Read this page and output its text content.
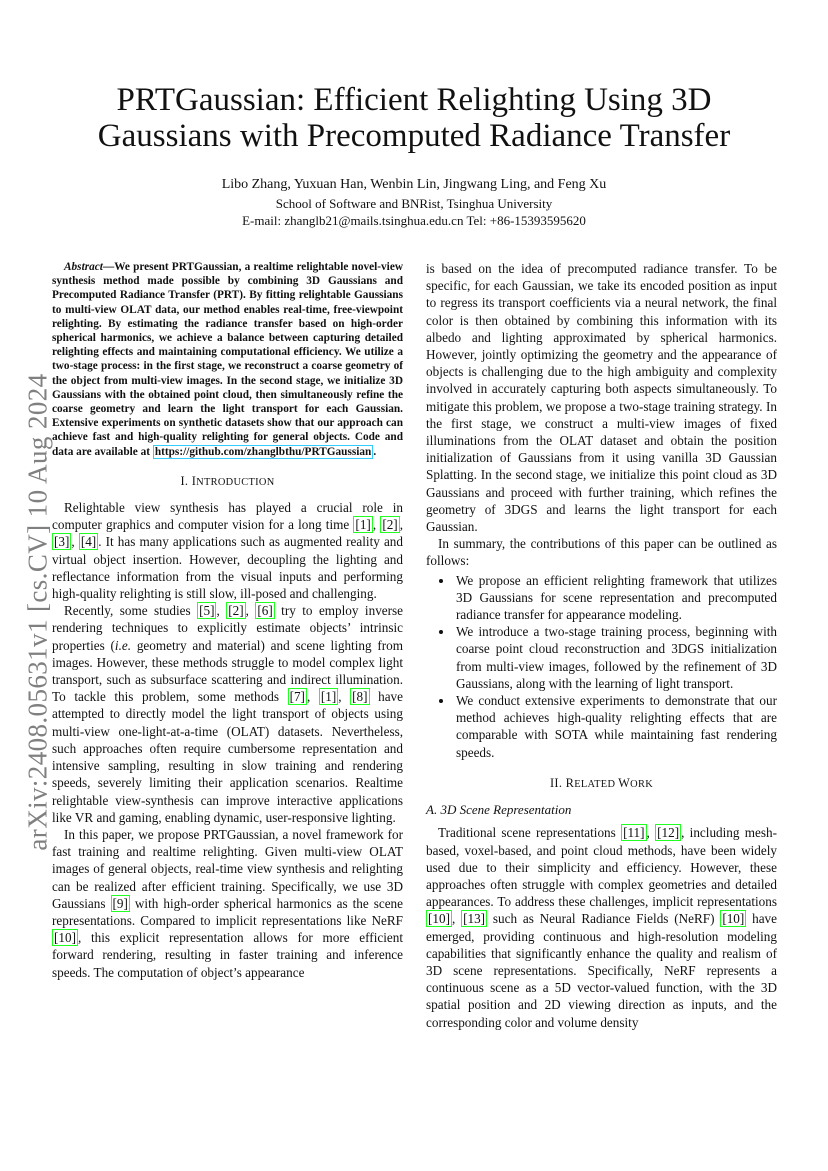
PRTGaussian: Efficient Relighting Using 3D
Gaussians with Precomputed Radiance Transfer
Libo Zhang, Yuxuan Han, Wenbin Lin, Jingwang Ling, and Feng Xu
School of Software and BNRist, Tsinghua University
E-mail: zhanglb21@mails.tsinghua.edu.cn Tel: +86-15393595620
arXiv:2408.05631v1 [cs.CV] 10 Aug 2024

Abstract—We present PRTGaussian, a realtime relightable novel-view synthesis method made possible by combining 3D Gaussians and Precomputed Radiance Transfer (PRT). By fitting relightable Gaussians to multi-view OLAT data, our method enables real-time, free-viewpoint relighting. By estimating the radiance transfer based on high-order spherical harmonics, we achieve a balance between capturing detailed relighting effects and maintaining computational efficiency. We utilize a two-stage process: in the first stage, we reconstruct a coarse geometry of the object from multi-view images. In the second stage, we initialize 3D Gaussians with the obtained point cloud, then simultaneously refine the coarse geometry and learn the light transport for each Gaussian. Extensive experiments on synthetic datasets show that our approach can achieve fast and high-quality relighting for general objects. Code and data are available at https://github.com/zhanglbthu/PRTGaussian .

I. INTRODUCTION

Relightable view synthesis has played a crucial role in computer graphics and computer vision for a long time [1] , [2] , [3] , [4] . It has many applications such as augmented reality and virtual object insertion. However, decoupling the lighting and reflectance information from the visual inputs and performing high-quality relighting is still slow, ill-posed and challenging.

Recently, some studies [5] , [2] , [6] try to employ inverse rendering techniques to explicitly estimate objects’ intrinsic properties (i.e. geometry and material) and scene lighting from images. However, these methods struggle to model complex light transport, such as subsurface scattering and indirect illumination. To tackle this problem, some methods [7] , [1] , [8] have attempted to directly model the light transport of objects using multi-view one-light-at-a-time (OLAT) datasets. Nevertheless, such approaches often require cumbersome representation and intensive sampling, resulting in slow training and rendering speeds, severely limiting their application scenarios. Realtime relightable view-synthesis can improve interactive applications like VR and gaming, enabling dynamic, user-responsive lighting.

In this paper, we propose PRTGaussian, a novel framework for fast training and realtime relighting. Given multi-view OLAT images of general objects, real-time view synthesis and relighting can be realized after efficient training. Specifically, we use 3D Gaussians [9] with high-order spherical harmonics as the scene representations. Compared to implicit representations like NeRF [10] , this explicit representation allows for more efficient forward rendering, resulting in faster training and inference speeds. The computation of object’s appearance

is based on the idea of precomputed radiance transfer. To be specific, for each Gaussian, we take its encoded position as input to regress its transport coefficients via a neural network, the final color is then obtained by combining this information with its albedo and lighting approximated by spherical harmonics. However, jointly optimizing the geometry and the appearance of objects is challenging due to the high ambiguity and complexity involved in accurately capturing both aspects simultaneously. To mitigate this problem, we propose a two-stage training strategy. In the first stage, we construct a multi-view images of fixed illuminations from the OLAT dataset and obtain the position initialization of Gaussians from it using vanilla 3D Gaussian Splatting. In the second stage, we initialize this point cloud as 3D Gaussians and proceed with further training, which refines the geometry of 3DGS and learns the light transport for each Gaussian.

In summary, the contributions of this paper can be outlined as follows:

• We propose an efficient relighting framework that utilizes 3D Gaussians for scene representation and precomputed radiance transfer for appearance modeling.
• We introduce a two-stage training process, beginning with coarse point cloud reconstruction and 3DGS initialization from multi-view images, followed by the refinement of 3D Gaussians, along with the learning of light transport.
• We conduct extensive experiments to demonstrate that our method achieves high-quality relighting effects that are comparable with SOTA while maintaining fast rendering speeds.
II. RELATED WORK
A. 3D Scene Representation

Traditional scene representations [11] , [12] , including mesh-based, voxel-based, and point cloud methods, have been widely used due to their simplicity and efficiency. However, these approaches often struggle with complex geometries and detailed appearances. To address these challenges, implicit representations [10] , [13] such as Neural Radiance Fields (NeRF) [10] have emerged, providing continuous and high-resolution modeling capabilities that significantly enhance the quality and realism of 3D scene representations. Specifically, NeRF represents a continuous scene as a 5D vector-valued function, with the 3D spatial position and 2D viewing direction as inputs, and the corresponding color and volume density
